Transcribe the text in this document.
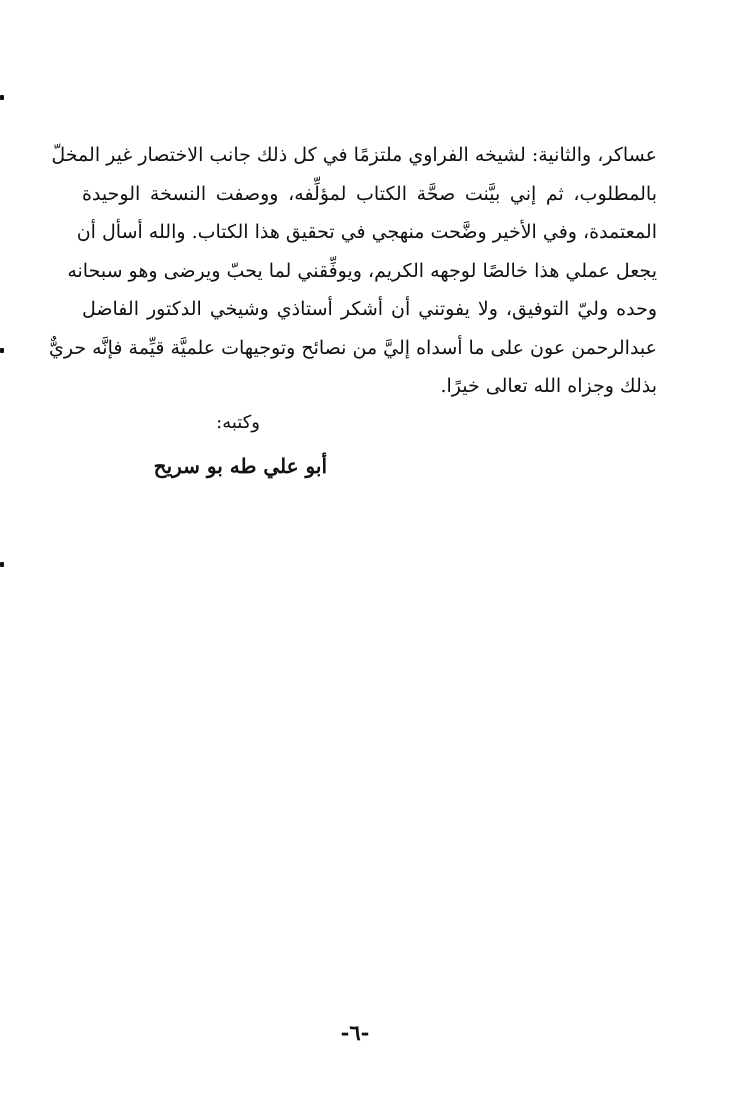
عساكر، والثانية: لشيخه الفراوي ملتزمًا في كل ذلك جانب الاختصار غير المخلّ
بالمطلوب، ثم إني بيَّنت صحَّة الكتاب لمؤلِّفه، ووصفت النسخة الوحيدة
المعتمدة، وفي الأخير وضَّحت منهجي في تحقيق هذا الكتاب. والله أسأل أن
يجعل عملي هذا خالصًا لوجهه الكريم، ويوفِّقني لما يحبّ ويرضى وهو سبحانه
وحده وليّ التوفيق، ولا يفوتني أن أشكر أستاذي وشيخي الدكتور الفاضل
عبدالرحمن عون على ما أسداه إليَّ من نصائح وتوجيهات علميَّة قيِّمة فإنَّه حريٌّ
بذلك وجزاه الله تعالى خيرًا.
وكتبه:
أبو علي طه بو سريح
-٦-
